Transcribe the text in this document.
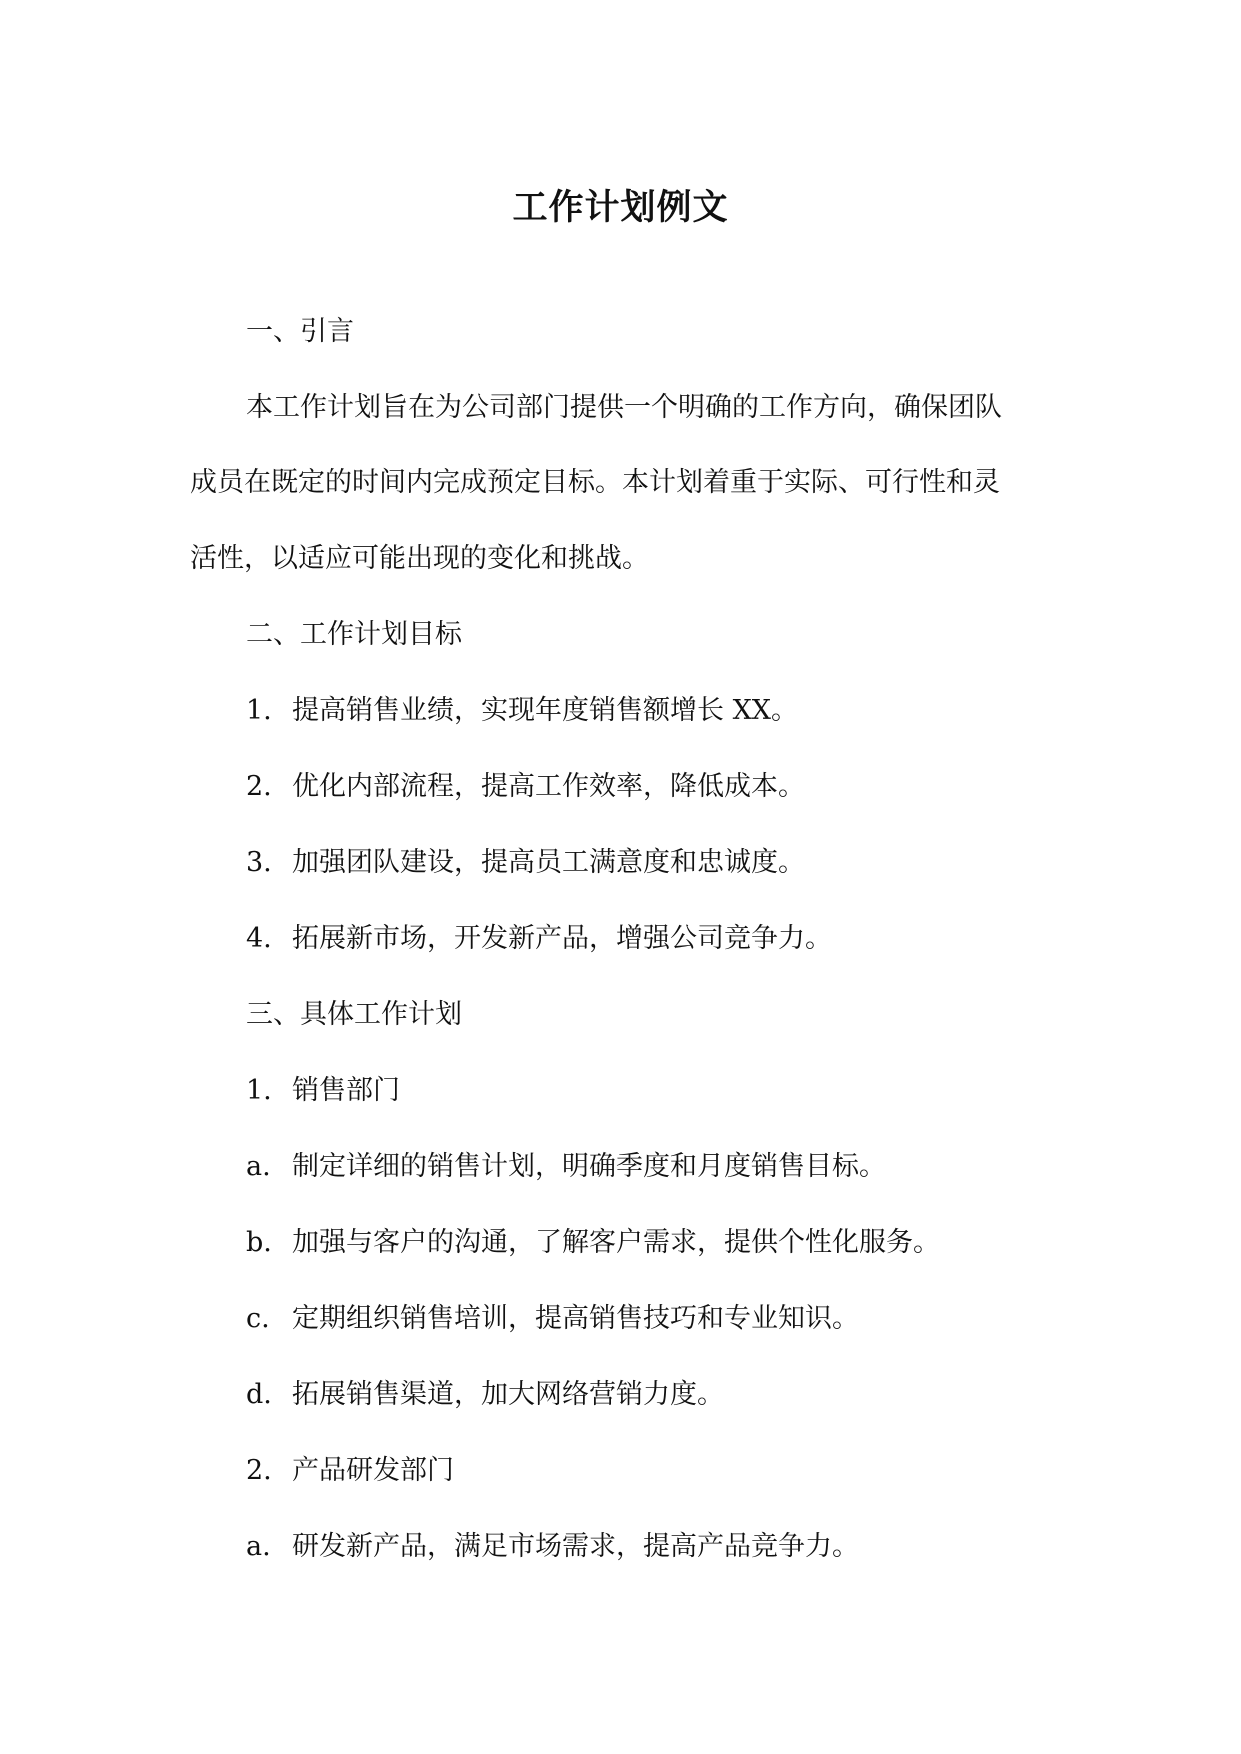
工作计划例文
一、引言
本工作计划旨在为公司部门提供一个明确的工作方向，确保团队
成员在既定的时间内完成预定目标。本计划着重于实际、可行性和灵
活性，以适应可能出现的变化和挑战。
二、工作计划目标
1. 提高销售业绩，实现年度销售额增长 XX。
2. 优化内部流程，提高工作效率，降低成本。
3. 加强团队建设，提高员工满意度和忠诚度。
4. 拓展新市场，开发新产品，增强公司竞争力。
三、具体工作计划
1. 销售部门
a. 制定详细的销售计划，明确季度和月度销售目标。
b. 加强与客户的沟通，了解客户需求，提供个性化服务。
c. 定期组织销售培训，提高销售技巧和专业知识。
d. 拓展销售渠道，加大网络营销力度。
2. 产品研发部门
a. 研发新产品，满足市场需求，提高产品竞争力。
